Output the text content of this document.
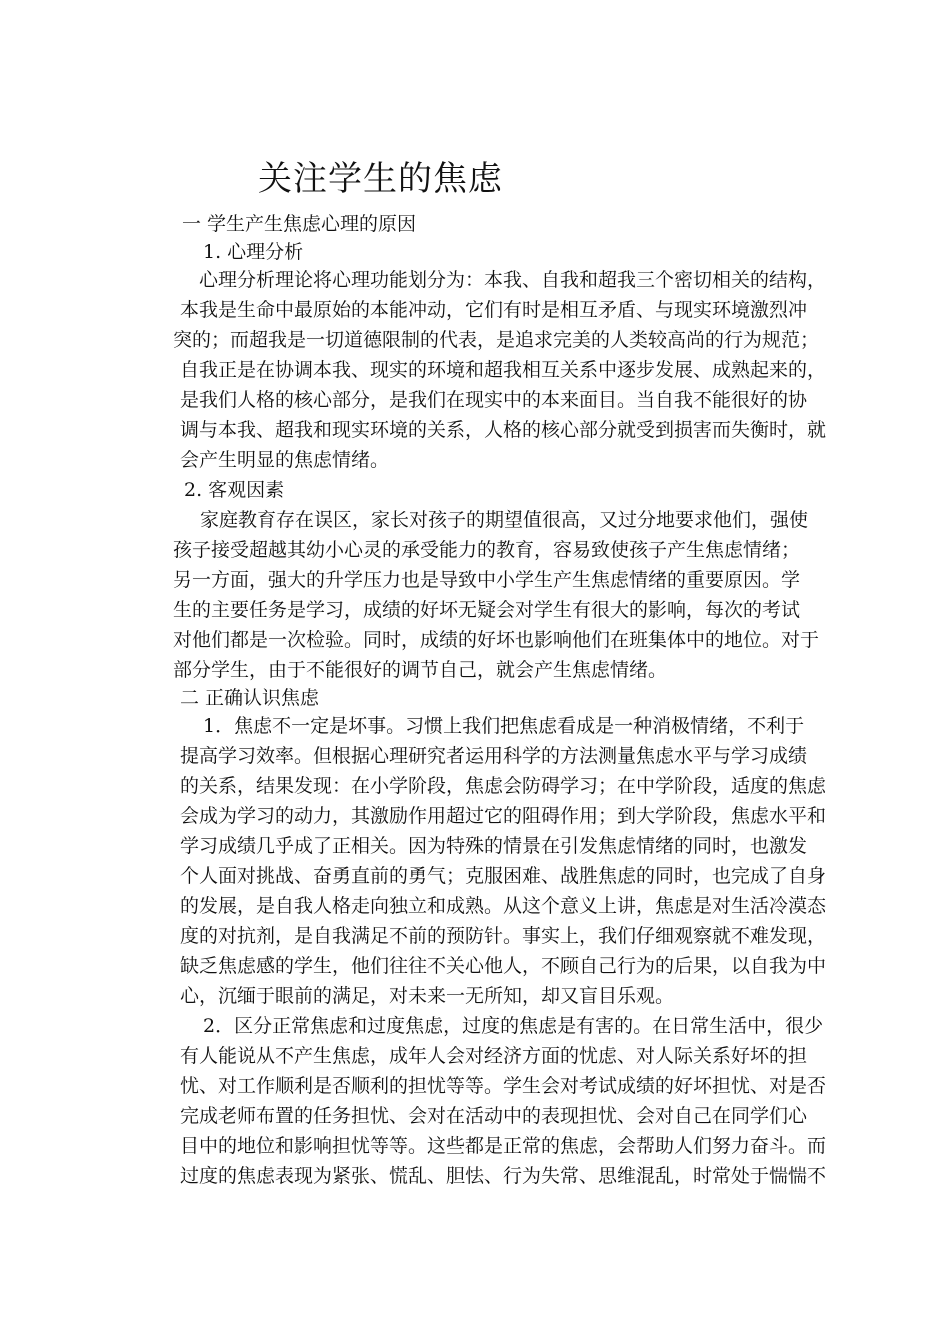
关注学生的焦虑
一 学生产生焦虑心理的原因
1. 心理分析
心理分析理论将心理功能划分为：本我、自我和超我三个密切相关的结构，
本我是生命中最原始的本能冲动，它们有时是相互矛盾、与现实环境激烈冲
突的；而超我是一切道德限制的代表，是追求完美的人类较高尚的行为规范；
自我正是在协调本我、现实的环境和超我相互关系中逐步发展、成熟起来的，
是我们人格的核心部分，是我们在现实中的本来面目。当自我不能很好的协
调与本我、超我和现实环境的关系，人格的核心部分就受到损害而失衡时，就
会产生明显的焦虑情绪。
2. 客观因素
家庭教育存在误区，家长对孩子的期望值很高，又过分地要求他们，强使
孩子接受超越其幼小心灵的承受能力的教育，容易致使孩子产生焦虑情绪；
另一方面，强大的升学压力也是导致中小学生产生焦虑情绪的重要原因。学
生的主要任务是学习，成绩的好坏无疑会对学生有很大的影响，每次的考试
对他们都是一次检验。同时，成绩的好坏也影响他们在班集体中的地位。对于
部分学生，由于不能很好的调节自己，就会产生焦虑情绪。
二 正确认识焦虑
1．焦虑不一定是坏事。习惯上我们把焦虑看成是一种消极情绪，不利于
提高学习效率。但根据心理研究者运用科学的方法测量焦虑水平与学习成绩
的关系，结果发现：在小学阶段，焦虑会防碍学习；在中学阶段，适度的焦虑
会成为学习的动力，其激励作用超过它的阻碍作用；到大学阶段，焦虑水平和
学习成绩几乎成了正相关。因为特殊的情景在引发焦虑情绪的同时，也激发
个人面对挑战、奋勇直前的勇气；克服困难、战胜焦虑的同时，也完成了自身
的发展，是自我人格走向独立和成熟。从这个意义上讲，焦虑是对生活冷漠态
度的对抗剂，是自我满足不前的预防针。事实上，我们仔细观察就不难发现，
缺乏焦虑感的学生，他们往往不关心他人，不顾自己行为的后果，以自我为中
心，沉缅于眼前的满足，对未来一无所知，却又盲目乐观。
2．区分正常焦虑和过度焦虑，过度的焦虑是有害的。在日常生活中，很少
有人能说从不产生焦虑，成年人会对经济方面的忧虑、对人际关系好坏的担
忧、对工作顺利是否顺利的担忧等等。学生会对考试成绩的好坏担忧、对是否
完成老师布置的任务担忧、会对在活动中的表现担忧、会对自己在同学们心
目中的地位和影响担忧等等。这些都是正常的焦虑，会帮助人们努力奋斗。而
过度的焦虑表现为紧张、慌乱、胆怯、行为失常、思维混乱，时常处于惴惴不
